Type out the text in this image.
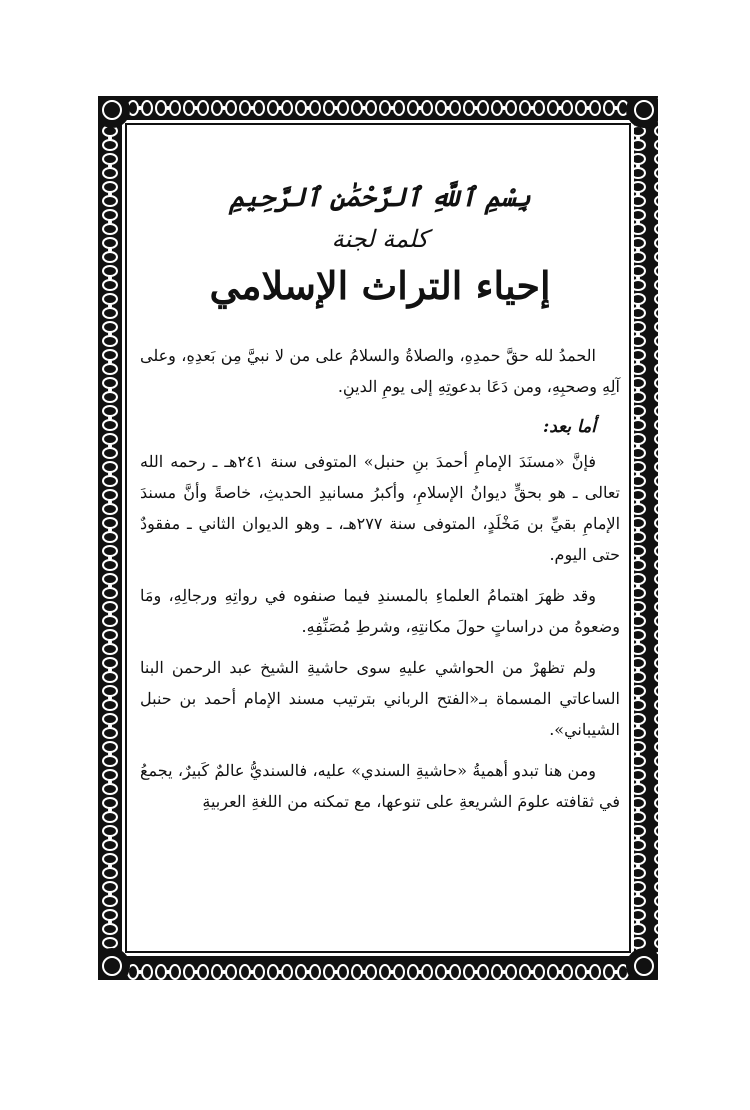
بِسْمِ ٱللَّهِ ٱلرَّحْمَٰنِ ٱلرَّحِيمِ
كلمة لجنة
إحياء التراث الإسلامي

الحمدُ لله حقَّ حمدِهِ، والصلاةُ والسلامُ على من لا نبيَّ مِن بَعدِهِ، وعلى آلِهِ وصحبِهِ، ومن دَعَا بدعوتِهِ إلى يومِ الدينِ.

أما بعد:

فإنَّ «مسنَدَ الإمامِ أحمدَ بنِ حنبل» المتوفى سنة ٢٤١هـ ـ رحمه الله تعالى ـ هو بحقٍّ ديوانُ الإسلامِ، وأكبرُ مسانيدِ الحديثِ، خاصةً وأنَّ مسندَ الإمامِ بقيِّ بن مَخْلَدٍ، المتوفى سنة ٢٧٧هـ، ـ وهو الديوان الثاني ـ مفقودٌ حتى اليوم.

وقد ظهرَ اهتمامُ العلماءِ بالمسندِ فيما صنفوه في رواتِهِ ورجالِهِ، ومَا وضعوهُ من دراساتٍ حولَ مكانتِهِ، وشرطِ مُصَنِّفِهِ.

ولم تظهرْ من الحواشي عليهِ سوى حاشيةِ الشيخ عبد الرحمن البنا الساعاتي المسماة بـ«الفتح الرباني بترتيب مسند الإمام أحمد بن حنبل الشيباني».

ومن هنا تبدو أهميةُ «حاشيةِ السندي» عليه، فالسنديُّ عالمٌ كَبيرٌ، يجمعُ في ثقافته علومَ الشريعةِ على تنوعها، مع تمكنه من اللغةِ العربيةِ
